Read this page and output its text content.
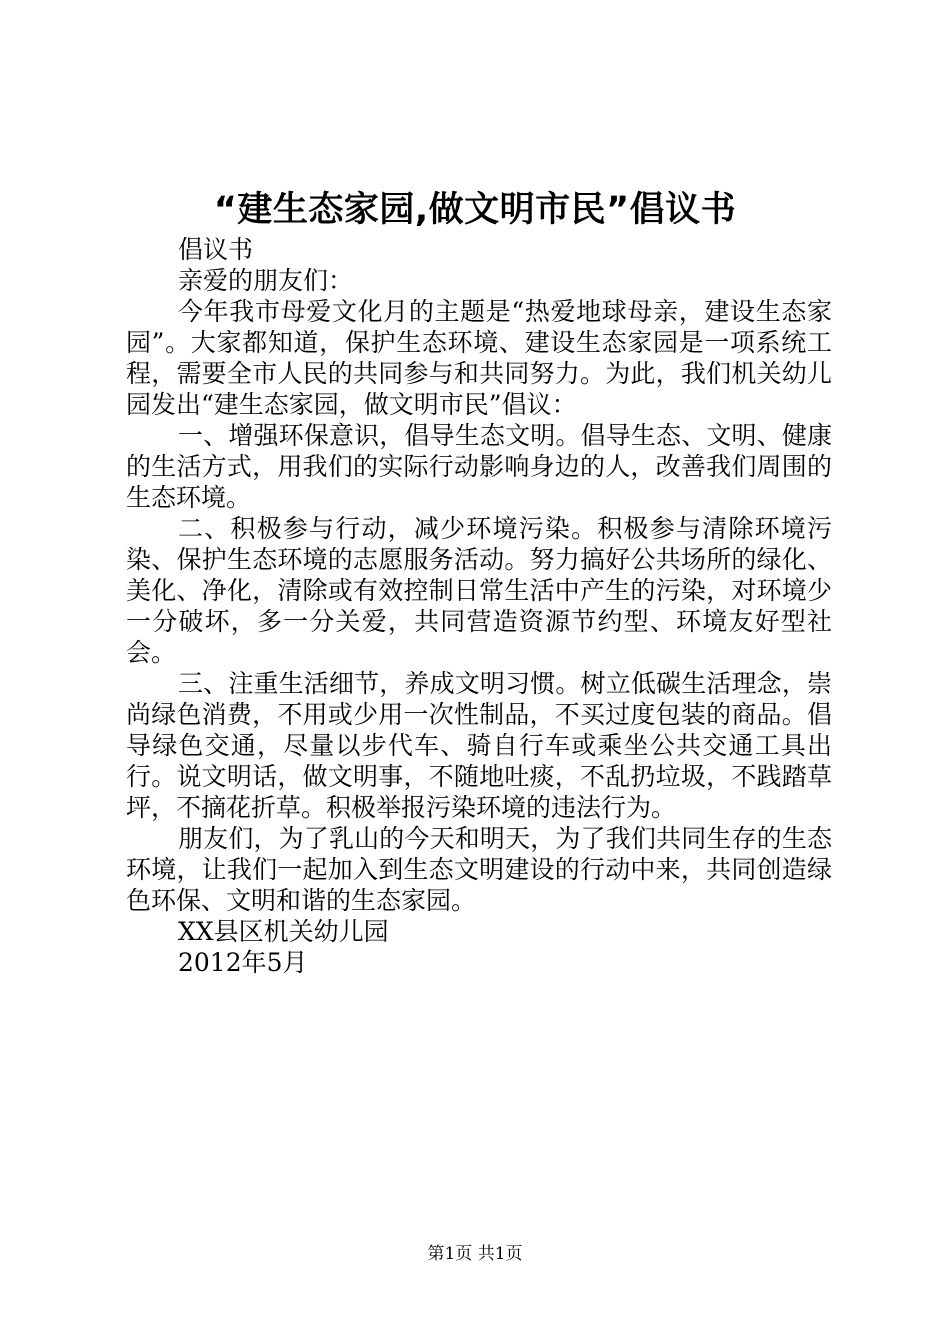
“建生态家园,做文明市民”倡议书

倡议书

亲爱的朋友们：

今年我市母爱文化月的主题是“热爱地球母亲，建设生态家园”。大家都知道，保护生态环境、建设生态家园是一项系统工程，需要全市人民的共同参与和共同努力。为此，我们机关幼儿园发出“建生态家园，做文明市民”倡议：

一、增强环保意识，倡导生态文明。倡导生态、文明、健康的生活方式，用我们的实际行动影响身边的人，改善我们周围的生态环境。

二、积极参与行动，减少环境污染。积极参与清除环境污染、保护生态环境的志愿服务活动。努力搞好公共场所的绿化、美化、净化，清除或有效控制日常生活中产生的污染，对环境少一分破坏，多一分关爱，共同营造资源节约型、环境友好型社会。

三、注重生活细节，养成文明习惯。树立低碳生活理念，崇尚绿色消费，不用或少用一次性制品，不买过度包装的商品。倡导绿色交通，尽量以步代车、骑自行车或乘坐公共交通工具出行。说文明话，做文明事，不随地吐痰，不乱扔垃圾，不践踏草坪，不摘花折草。积极举报污染环境的违法行为。

朋友们，为了乳山的今天和明天，为了我们共同生存的生态环境，让我们一起加入到生态文明建设的行动中来，共同创造绿色环保、文明和谐的生态家园。

XX县区机关幼儿园

2012年5月

第1页 共1页
